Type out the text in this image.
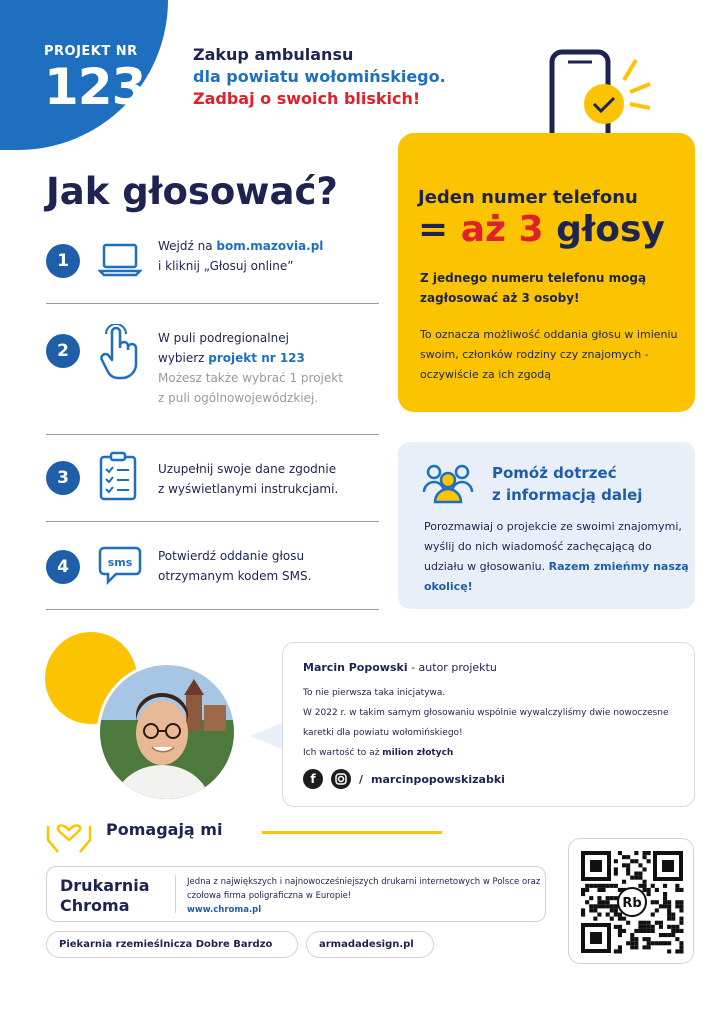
PROJEKT NR
123
Zakup ambulansu
dla powiatu wołomińskiego.
Zadbaj o swoich bliskich!
Jak głosować?
1
Wejdź na bom.mazovia.pl
i kliknij „Głosuj online”
2
W puli podregionalnej
wybierz projekt nr 123
Możesz także wybrać 1 projekt
z puli ogólnowojewódzkiej.
3	Uzupełnij swoje dane zgodnie
z wyświetlanymi instrukcjami.
4	sms Potwierdź oddanie głosu
otrzymanym kodem SMS.
Jeden numer telefonu
= aż 3 głosy
Z jednego numeru telefonu mogą zagłosować aż 3 osoby!
To oznacza możliwość oddania głosu w imieniu swoim, członków rodziny czy znajomych - oczywiście za ich zgodą
Pomóż dotrzeć
z informacją dalej
Porozmawiaj o projekcie ze swoimi znajomymi, wyślij do nich wiadomość zachęcającą do udziału w głosowaniu. Razem zmieńmy naszą okolicę!
Marcin Popowski - autor projektu
To nie pierwsza taka inicjatywa.
W 2022 r. w takim samym głosowaniu wspólnie wywalczyliśmy dwie nowoczesne karetki dla powiatu wołomińskiego!
Ich wartość to aż milion złotych
f	/ marcinpopowskizabki
Pomagają mi
Drukarnia Chroma
Jedna z największych i najnowocześniejszych drukarni internetowych w Polsce oraz czołowa firma poligraficzna w Europie!
www.chroma.pl
Piekarnia rzemieślnicza Dobre Bardzo	armadadesign.pl
Rb
